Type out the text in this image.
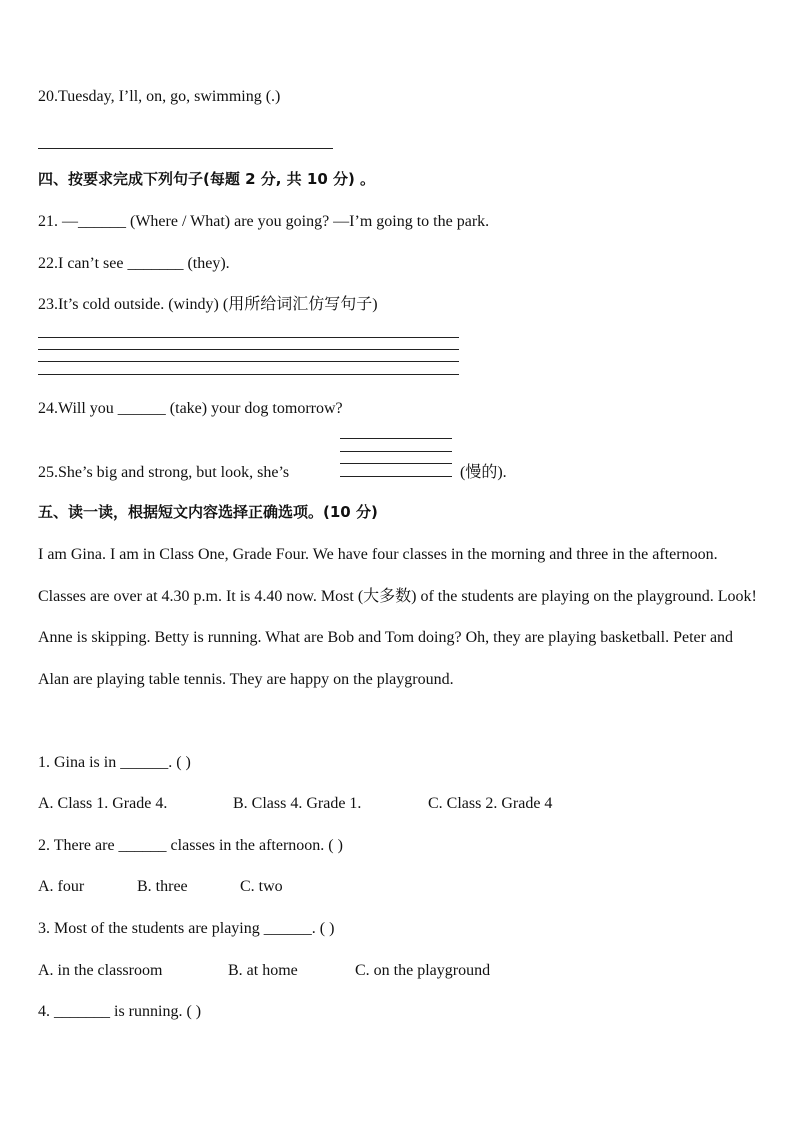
20.Tuesday, I’ll, on, go, swimming (.)
四、按要求完成下列句子(每题 2 分, 共 10 分) 。
21. —______ (Where / What) are you going? —I’m going to the park.
22.I can’t see _______ (they).
23.It’s cold outside. (windy) (用所给词汇仿写句子)
24.Will you ______ (take) your dog tomorrow?
25.She’s big and strong, but look, she’s	(慢的).
五、读一读，根据短文内容选择正确选项。(10 分)
I am Gina. I am in Class One, Grade Four. We have four classes in the morning and three in the afternoon. Classes are over at 4.30 p.m. It is 4.40 now. Most (大多数) of the students are playing on the playground. Look! Anne is skipping. Betty is running. What are Bob and Tom doing? Oh, they are playing basketball. Peter and Alan are playing table tennis. They are happy on the playground.
1. Gina is in ______. ( )
A. Class 1. Grade 4.	B. Class 4. Grade 1.	C. Class 2. Grade 4
2. There are ______ classes in the afternoon. ( )
A. four	B. three	C. two
3. Most of the students are playing ______. ( )
A. in the classroom	B. at home	C. on the playground
4. _______ is running. ( )
